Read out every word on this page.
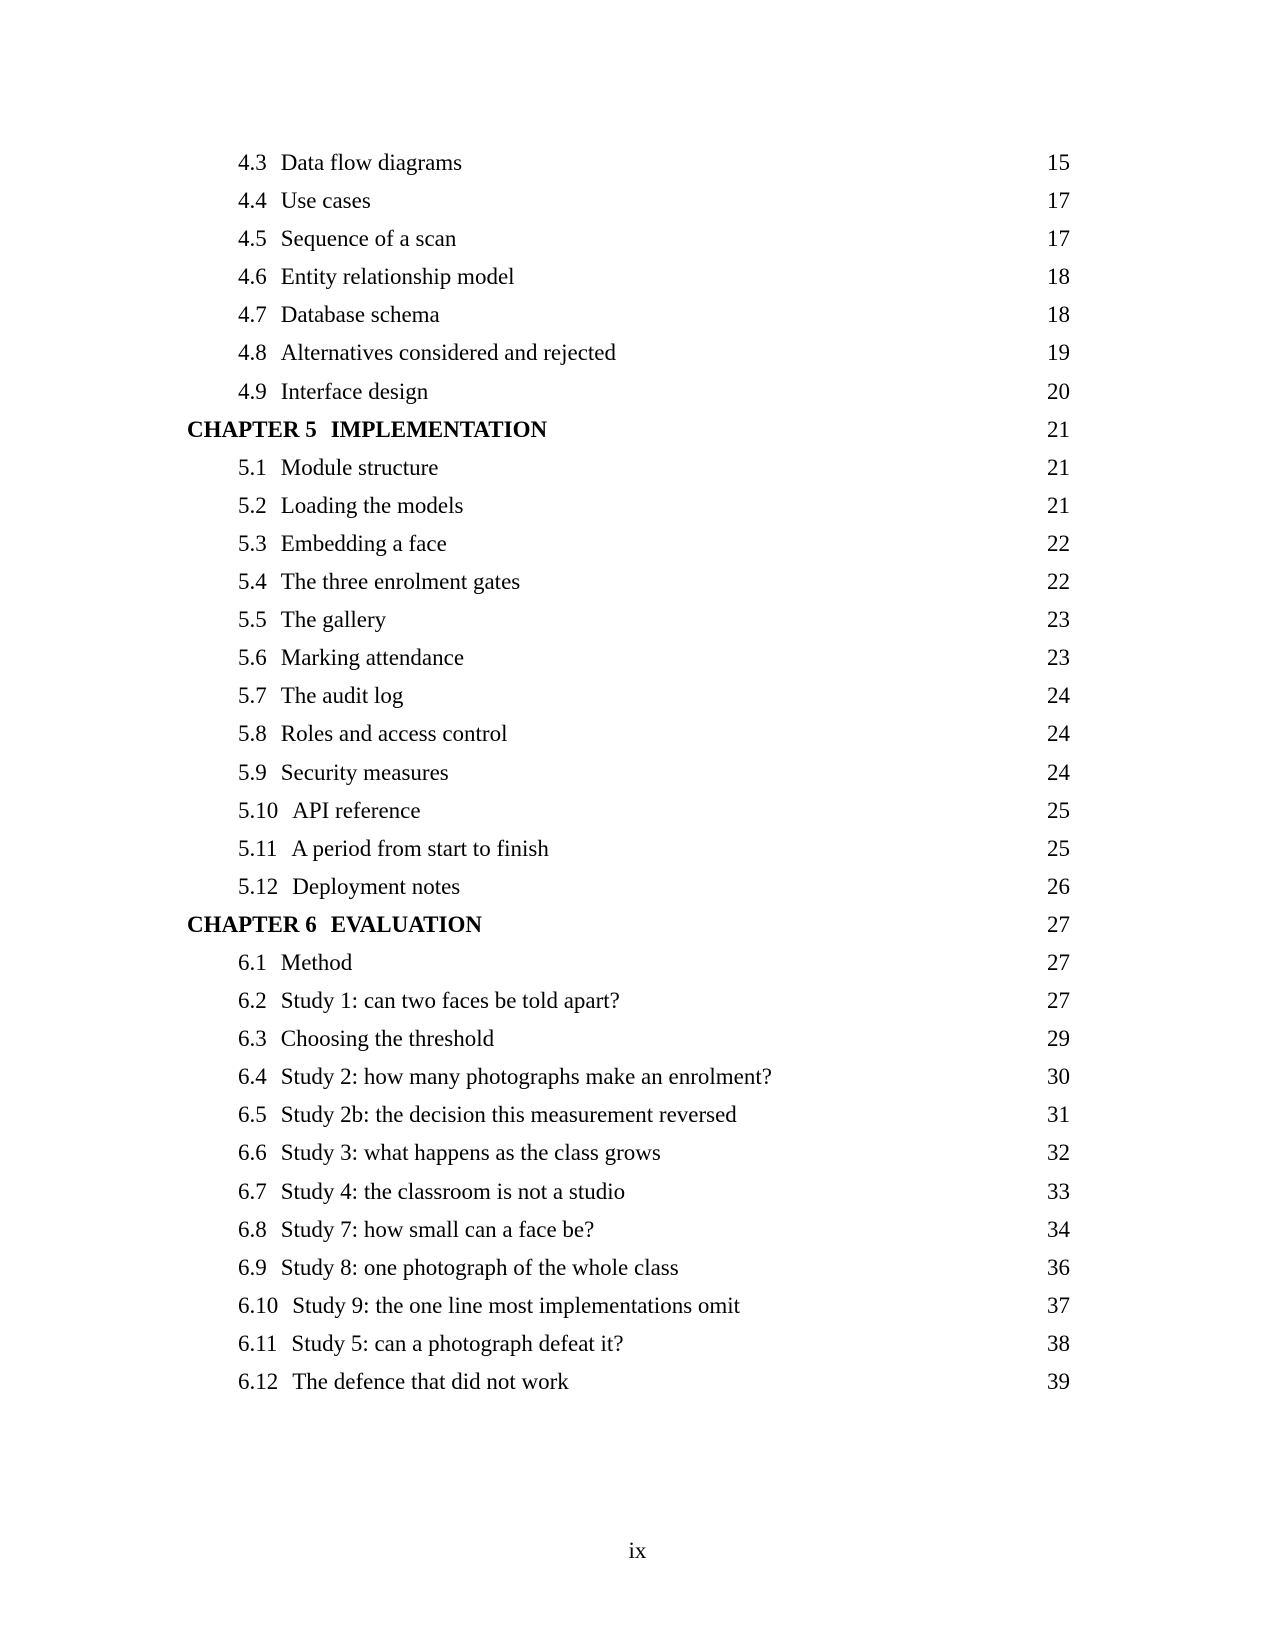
4.3 Data flow diagrams	15
4.4 Use cases	17
4.5 Sequence of a scan	17
4.6 Entity relationship model	18
4.7 Database schema	18
4.8 Alternatives considered and rejected	19
4.9 Interface design	20
CHAPTER 5 IMPLEMENTATION	21
5.1 Module structure	21
5.2 Loading the models	21
5.3 Embedding a face	22
5.4 The three enrolment gates	22
5.5 The gallery	23
5.6 Marking attendance	23
5.7 The audit log	24
5.8 Roles and access control	24
5.9 Security measures	24
5.10 API reference	25
5.11 A period from start to finish	25
5.12 Deployment notes	26
CHAPTER 6 EVALUATION	27
6.1 Method	27
6.2 Study 1: can two faces be told apart?	27
6.3 Choosing the threshold	29
6.4 Study 2: how many photographs make an enrolment?	30
6.5 Study 2b: the decision this measurement reversed	31
6.6 Study 3: what happens as the class grows	32
6.7 Study 4: the classroom is not a studio	33
6.8 Study 7: how small can a face be?	34
6.9 Study 8: one photograph of the whole class	36
6.10 Study 9: the one line most implementations omit	37
6.11 Study 5: can a photograph defeat it?	38
6.12 The defence that did not work	39
ix
